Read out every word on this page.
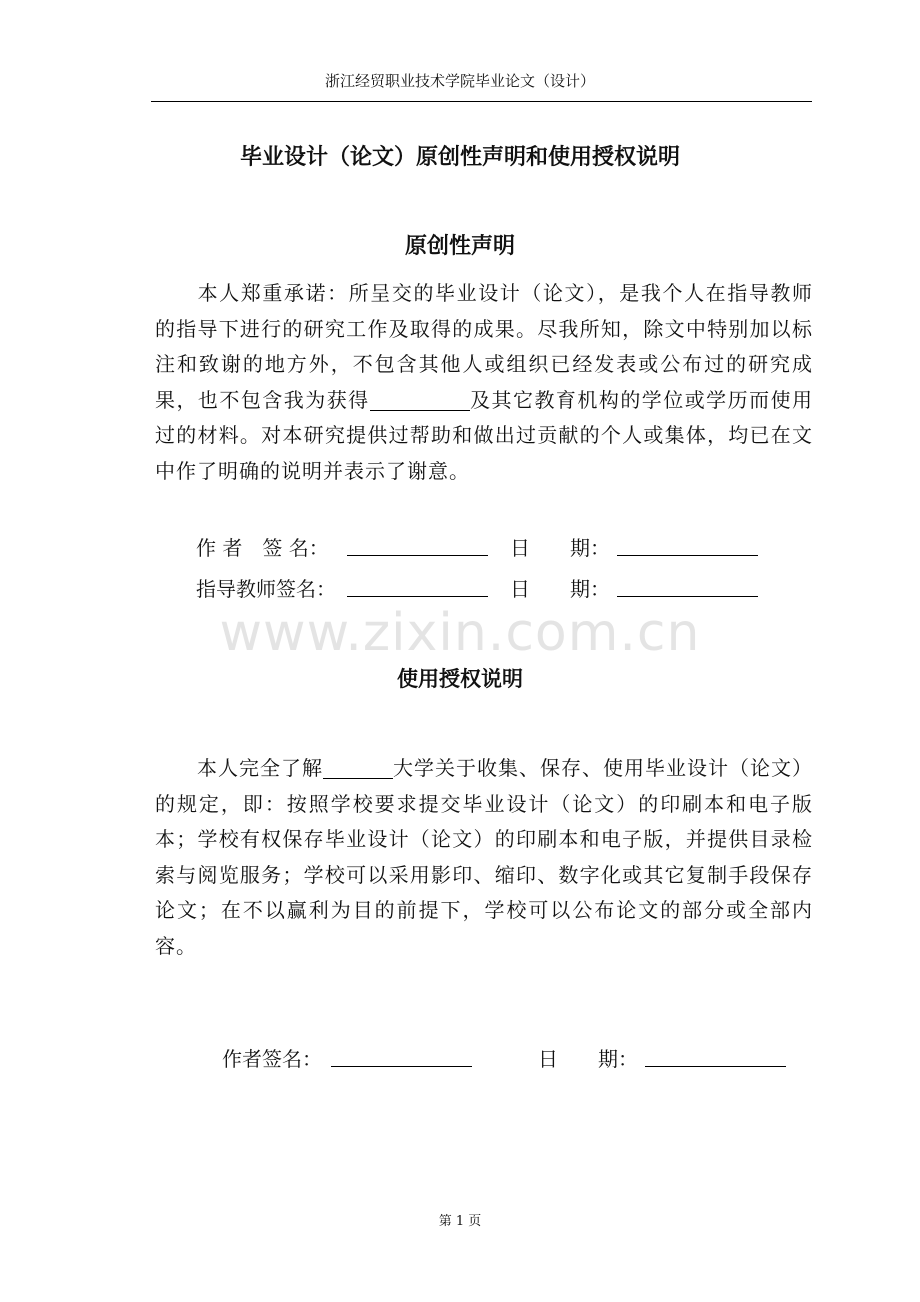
浙江经贸职业技术学院毕业论文（设计）
毕业设计（论文）原创性声明和使用授权说明
原创性声明
本人郑重承诺：所呈交的毕业设计（论文），是我个人在指导教师的指导下进行的研究工作及取得的成果。尽我所知，除文中特别加以标注和致谢的地方外，不包含其他人或组织已经发表或公布过的研究成果，也不包含我为获得	及其它教育机构的学位或学历而使用过的材料。对本研究提供过帮助和做出过贡献的个人或集体，均已在文中作了明确的说明并表示了谢意。
作 者　签 名：	日　　期：
指导教师签名：	日　　期：
www.zixin.com.cn
使用授权说明
本人完全了解	大学关于收集、保存、使用毕业设计（论文）的规定，即：按照学校要求提交毕业设计（论文）的印刷本和电子版本；学校有权保存毕业设计（论文）的印刷本和电子版，并提供目录检索与阅览服务；学校可以采用影印、缩印、数字化或其它复制手段保存论文；在不以赢利为目的前提下，学校可以公布论文的部分或全部内容。
作者签名：	日　　期：
第 1 页
